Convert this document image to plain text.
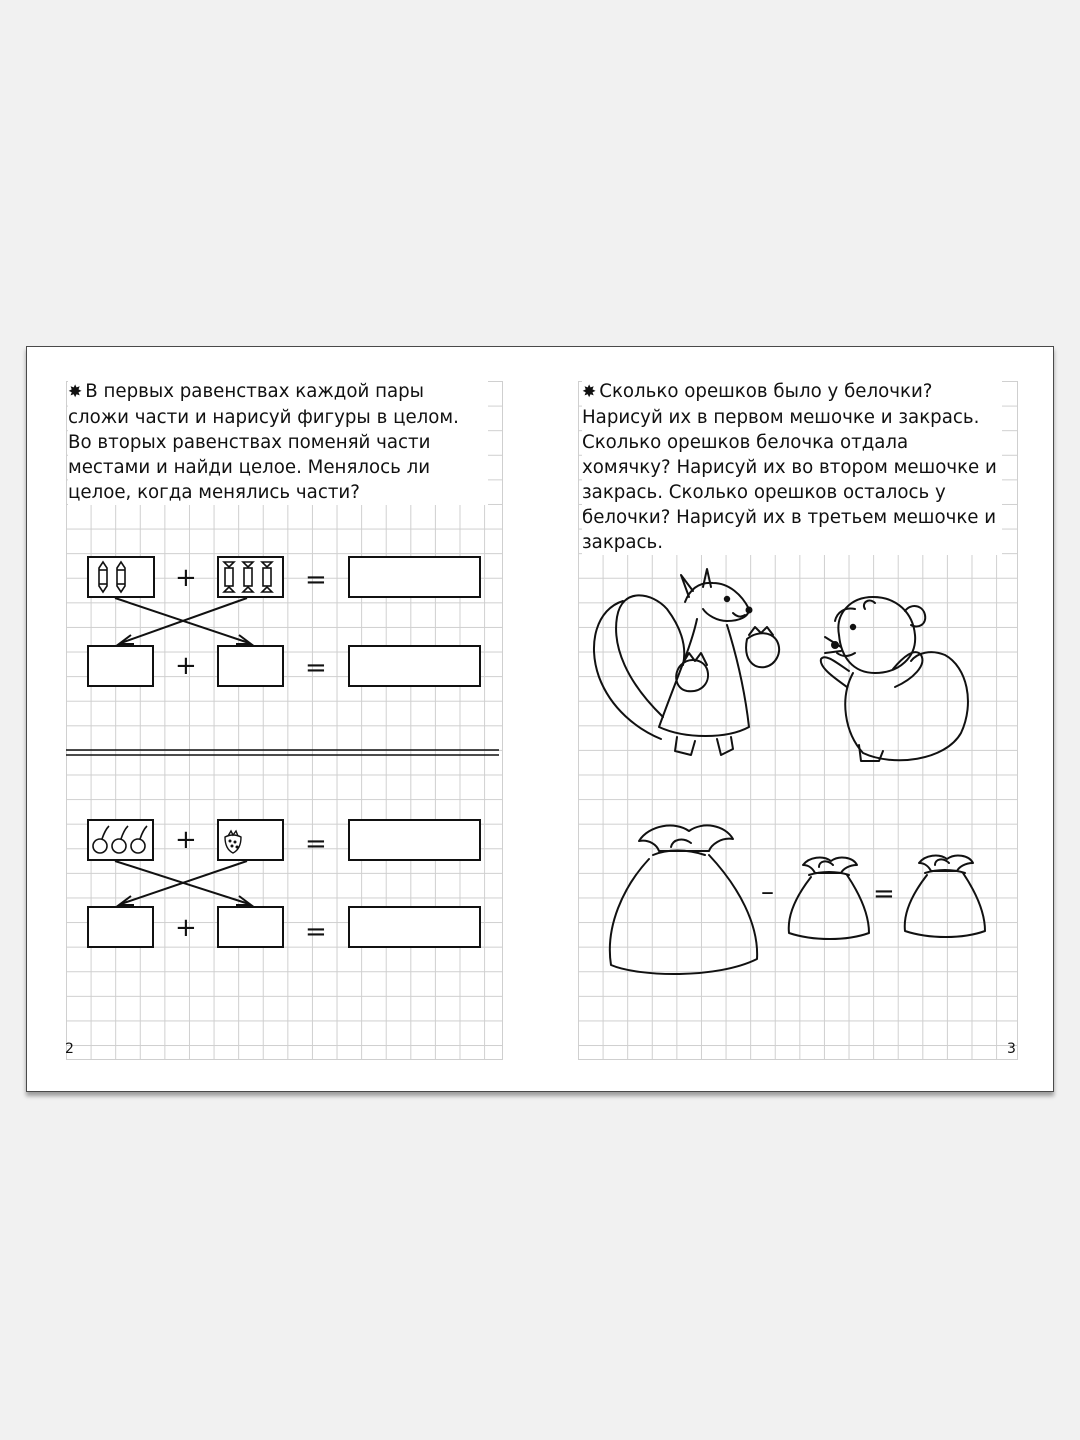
✸ В первых равенствах каждой пары сложи части и нарисуй фигуры в целом. Во вторых равенствах поменяй части местами и найди целое. Менялось ли целое, когда менялись части?
✸ Сколько орешков было у белочки? Нарисуй их в первом мешочке и закрась. Сколько орешков белочка отдала хомячку? Нарисуй их во втором мешочке и закрась. Сколько орешков осталось у белочки? Нарисуй их в третьем мешочке и закрась.
2	3
+	=
+	=
+	=
+	=
–	=
